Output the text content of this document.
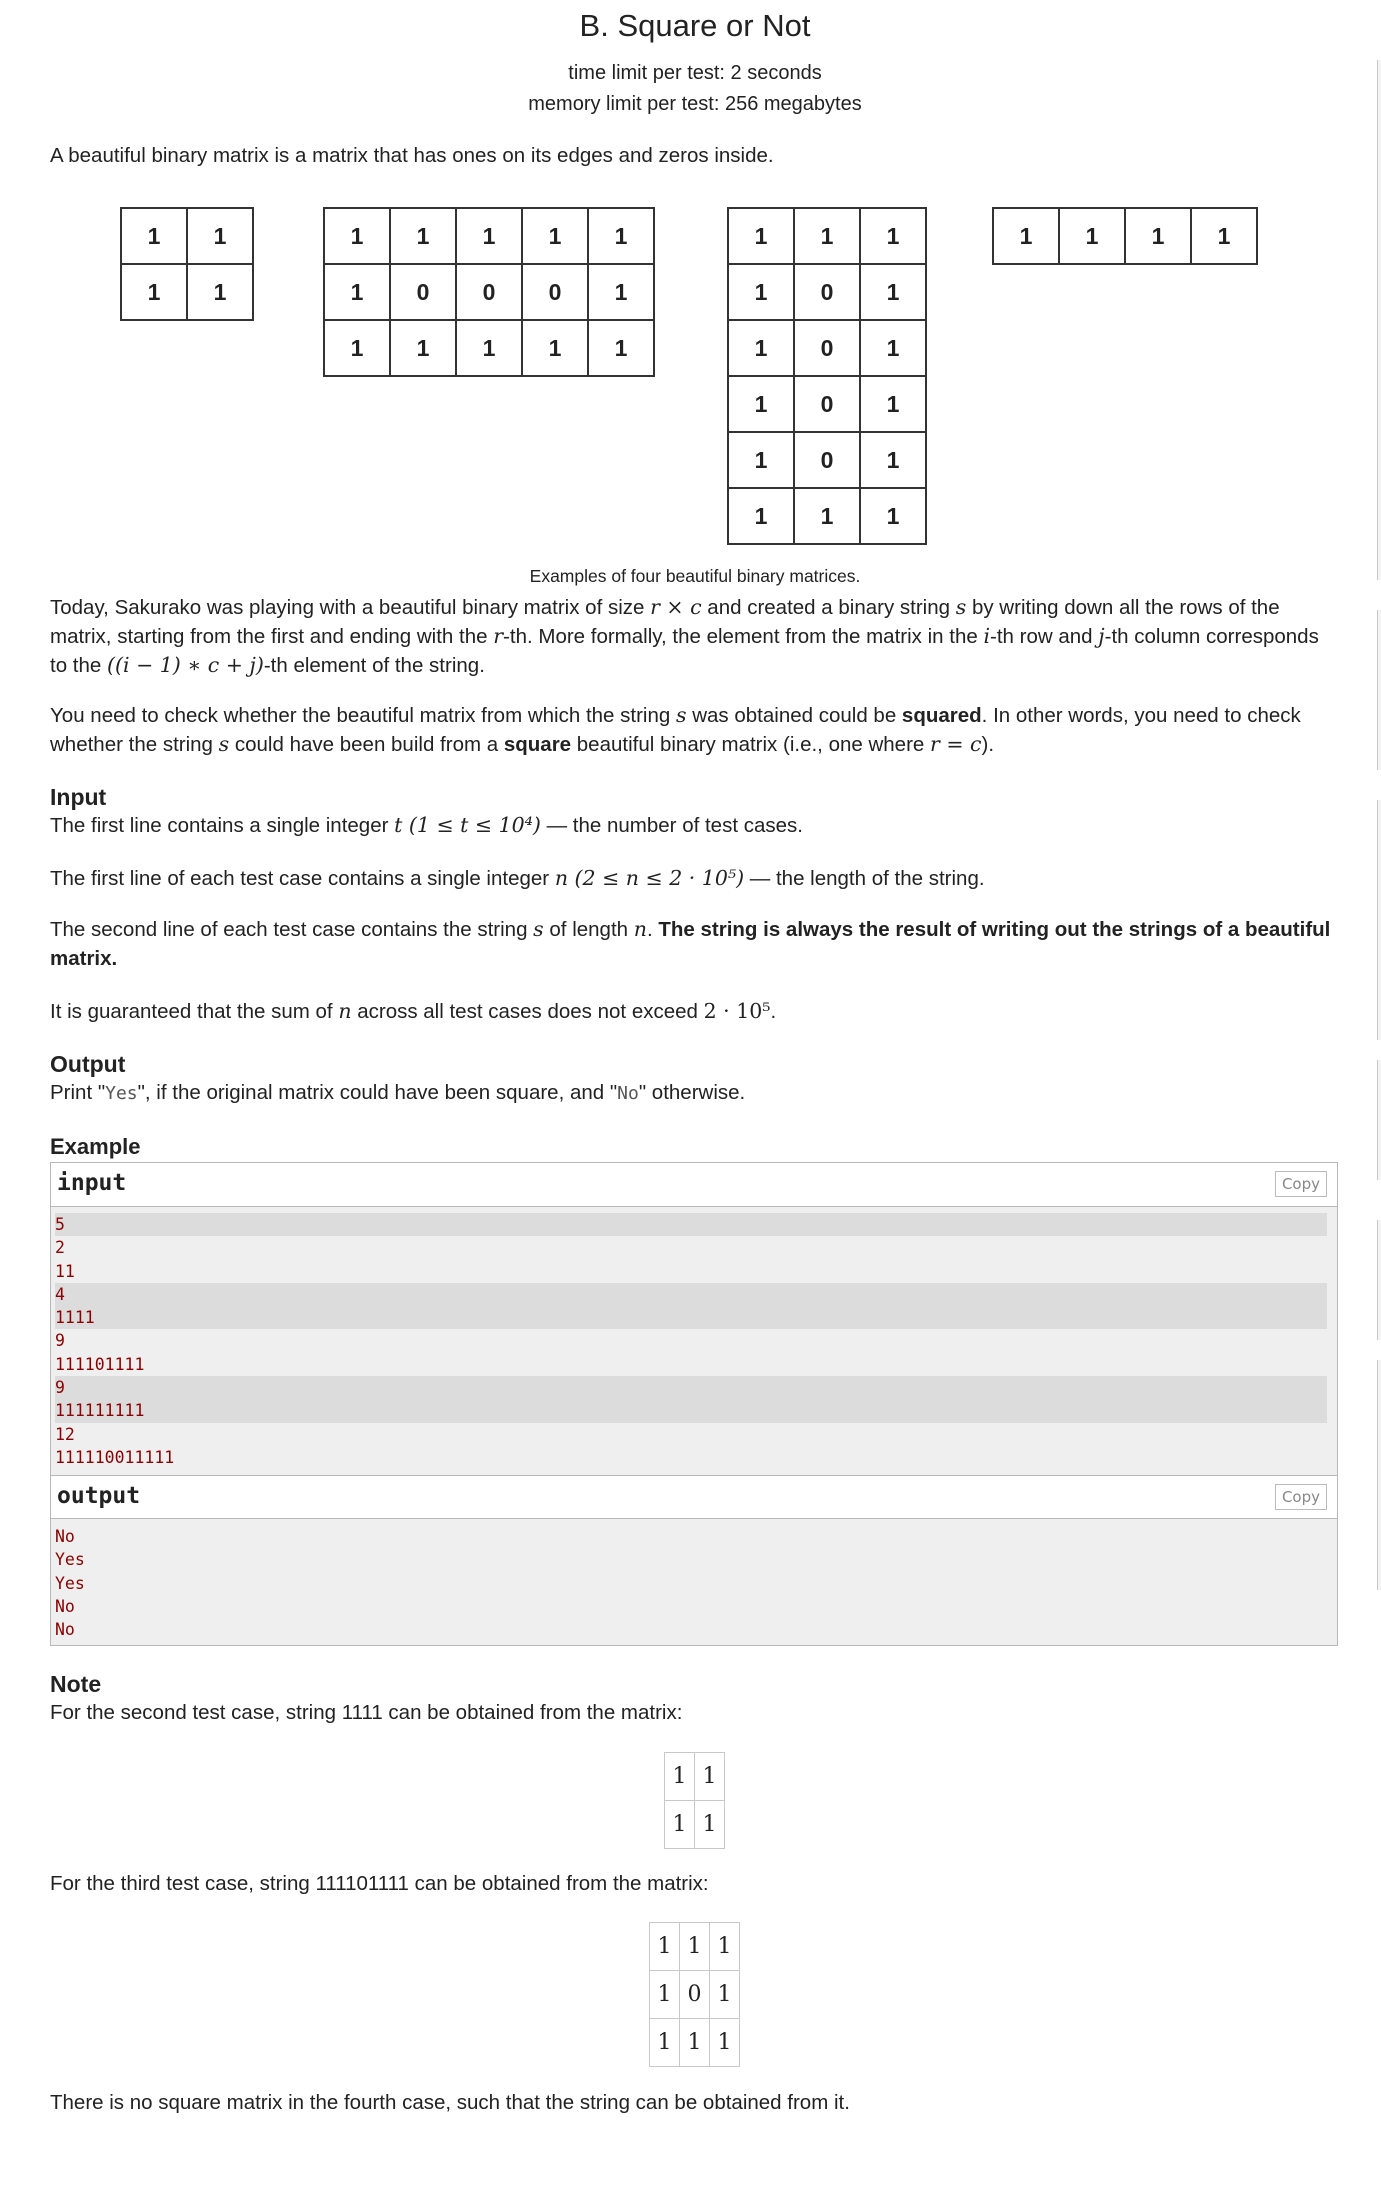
B. Square or Not
time limit per test: 2 seconds
memory limit per test: 256 megabytes

A beautiful binary matrix is a matrix that has ones on its edges and zeros inside.

1	1
1	1
1	1	1	1	1
1	0	0	0	1
1	1	1	1	1
1	1	1
1	0	1
1	0	1
1	0	1
1	0	1
1	1	1
1	1	1	1
Examples of four beautiful binary matrices.

Today, Sakurako was playing with a beautiful binary matrix of size r × c and created a binary string s by writing down all the rows of the matrix, starting from the first and ending with the r-th. More formally, the element from the matrix in the i-th row and j-th column corresponds to the ((i − 1) ∗ c + j)-th element of the string.

You need to check whether the beautiful matrix from which the string s was obtained could be squared. In other words, you need to check whether the string s could have been build from a square beautiful binary matrix (i.e., one where r = c).

Input

The first line contains a single integer t (1 ≤ t ≤ 10⁴) — the number of test cases.

The first line of each test case contains a single integer n (2 ≤ n ≤ 2 · 10⁵) — the length of the string.

The second line of each test case contains the string s of length n. The string is always the result of writing out the strings of a beautiful matrix.

It is guaranteed that the sum of n across all test cases does not exceed 2 · 10⁵.

Output

Print "Yes", if the original matrix could have been square, and "No" otherwise.

Example
input	Copy
5
2
11
4
1111
9
111101111
9
111111111
12
111110011111
output	Copy
No
Yes
Yes
No
No
Note

For the second test case, string 1111 can be obtained from the matrix:

1	1
1	1

For the third test case, string 111101111 can be obtained from the matrix:

1	1	1
1	0	1
1	1	1

There is no square matrix in the fourth case, such that the string can be obtained from it.
